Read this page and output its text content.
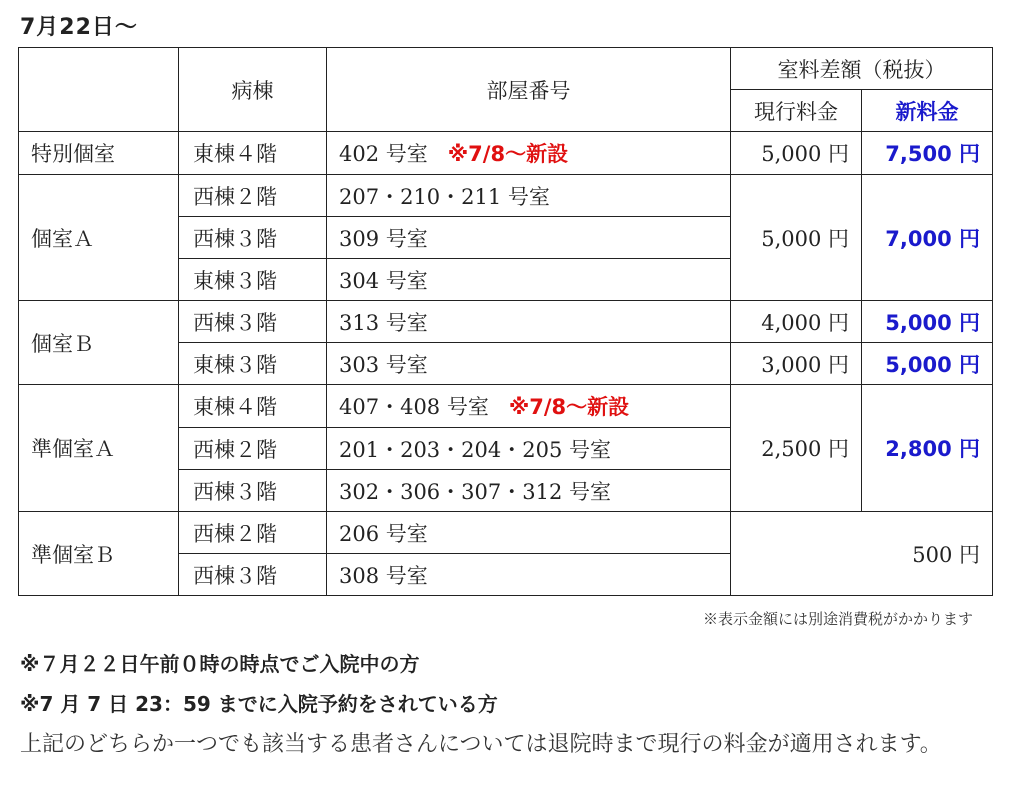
7月22日～
	病棟	部屋番号	室料差額（税抜）	
			現行料金	新料金
特別個室	東棟４階	402 号室 ※7/8～新設	5,000 円	7,500 円
個室Ａ	西棟２階	207・210・211 号室	5,000 円	7,000 円
	西棟３階	309 号室		
	東棟３階	304 号室		
個室Ｂ	西棟３階	313 号室	4,000 円	5,000 円
	東棟３階	303 号室	3,000 円	5,000 円
準個室Ａ	東棟４階	407・408 号室 ※7/8～新設	2,500 円	2,800 円
	西棟２階	201・203・204・205 号室		
	西棟３階	302・306・307・312 号室		
準個室Ｂ	西棟２階	206 号室	500 円	
	西棟３階	308 号室		
※表示金額には別途消費税がかかります
※７月２２日午前０時の時点でご入院中の方
※7 月 7 日 23：59 までに入院予約をされている方
上記のどちらか一つでも該当する患者さんについては退院時まで現行の料金が適用されます。
